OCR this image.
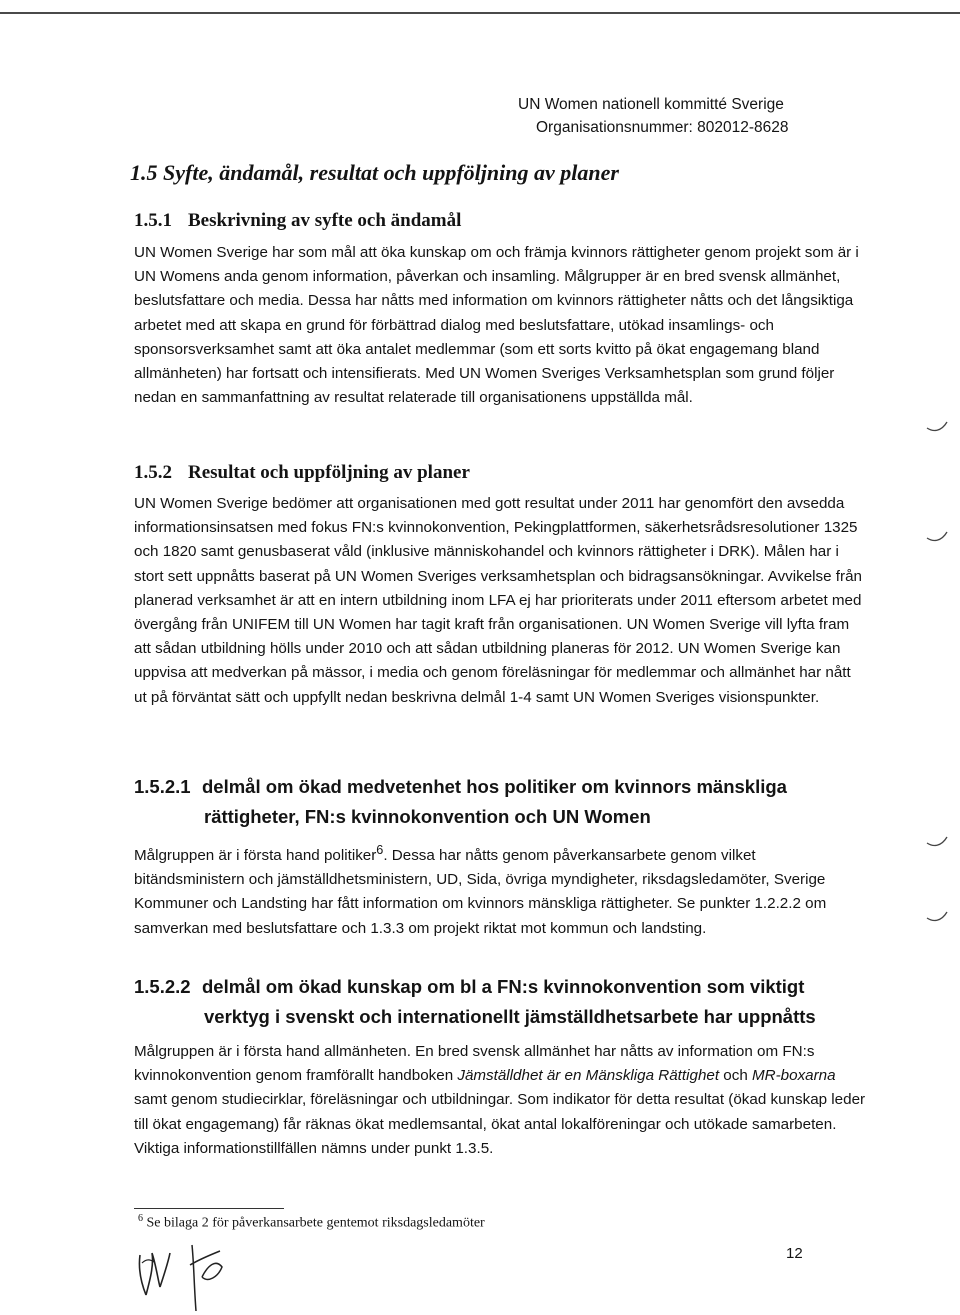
UN Women nationell kommitté Sverige
Organisationsnummer: 802012-8628
1.5 Syfte, ändamål, resultat och uppföljning av planer
1.5.1 Beskrivning av syfte och ändamål

UN Women Sverige har som mål att öka kunskap om och främja kvinnors rättigheter genom projekt som är i UN Womens anda genom information, påverkan och insamling. Målgrupper är en bred svensk allmänhet, beslutsfattare och media. Dessa har nåtts med information om kvinnors rättigheter nåtts och det långsiktiga arbetet med att skapa en grund för förbättrad dialog med beslutsfattare, utökad insamlings- och sponsorsverksamhet samt att öka antalet medlemmar (som ett sorts kvitto på ökat engagemang bland allmänheten) har fortsatt och intensifierats. Med UN Women Sveriges Verksamhetsplan som grund följer nedan en sammanfattning av resultat relaterade till organisationens uppställda mål.

1.5.2 Resultat och uppföljning av planer

UN Women Sverige bedömer att organisationen med gott resultat under 2011 har genomfört den avsedda informationsinsatsen med fokus FN:s kvinnokonvention, Pekingplattformen, säkerhetsrådsresolutioner 1325 och 1820 samt genusbaserat våld (inklusive människohandel och kvinnors rättigheter i DRK). Målen har i stort sett uppnåtts baserat på UN Women Sveriges verksamhetsplan och bidragsansökningar. Avvikelse från planerad verksamhet är att en intern utbildning inom LFA ej har prioriterats under 2011 eftersom arbetet med övergång från UNIFEM till UN Women har tagit kraft från organisationen. UN Women Sverige vill lyfta fram att sådan utbildning hölls under 2010 och att sådan utbildning planeras för 2012. UN Women Sverige kan uppvisa att medverkan på mässor, i media och genom föreläsningar för medlemmar och allmänhet har nått ut på förväntat sätt och uppfyllt nedan beskrivna delmål 1-4 samt UN Women Sveriges visionspunkter.

1.5.2.1 delmål om ökad medvetenhet hos politiker om kvinnors mänskliga
rättigheter, FN:s kvinnokonvention och UN Women

Målgruppen är i första hand politiker$^6$. Dessa har nåtts genom påverkansarbete genom vilket bitändsministern och jämställdhetsministern, UD, Sida, övriga myndigheter, riksdagsledamöter, Sverige Kommuner och Landsting har fått information om kvinnors mänskliga rättigheter. Se punkter 1.2.2.2 om samverkan med beslutsfattare och 1.3.3 om projekt riktat mot kommun och landsting.

1.5.2.2 delmål om ökad kunskap om bl a FN:s kvinnokonvention som viktigt
verktyg i svenskt och internationellt jämställdhetsarbete har uppnåtts

Målgruppen är i första hand allmänheten. En bred svensk allmänhet har nåtts av information om FN:s kvinnokonvention genom framförallt handboken Jämställdhet är en Mänskliga Rättighet och MR-boxarna samt genom studiecirklar, föreläsningar och utbildningar. Som indikator för detta resultat (ökad kunskap leder till ökat engagemang) får räknas ökat medlemsantal, ökat antal lokalföreningar och utökade samarbeten. Viktiga informationstillfällen nämns under punkt 1.3.5.

$^6$ Se bilaga 2 för påverkansarbete gentemot riksdagsledamöter
12
